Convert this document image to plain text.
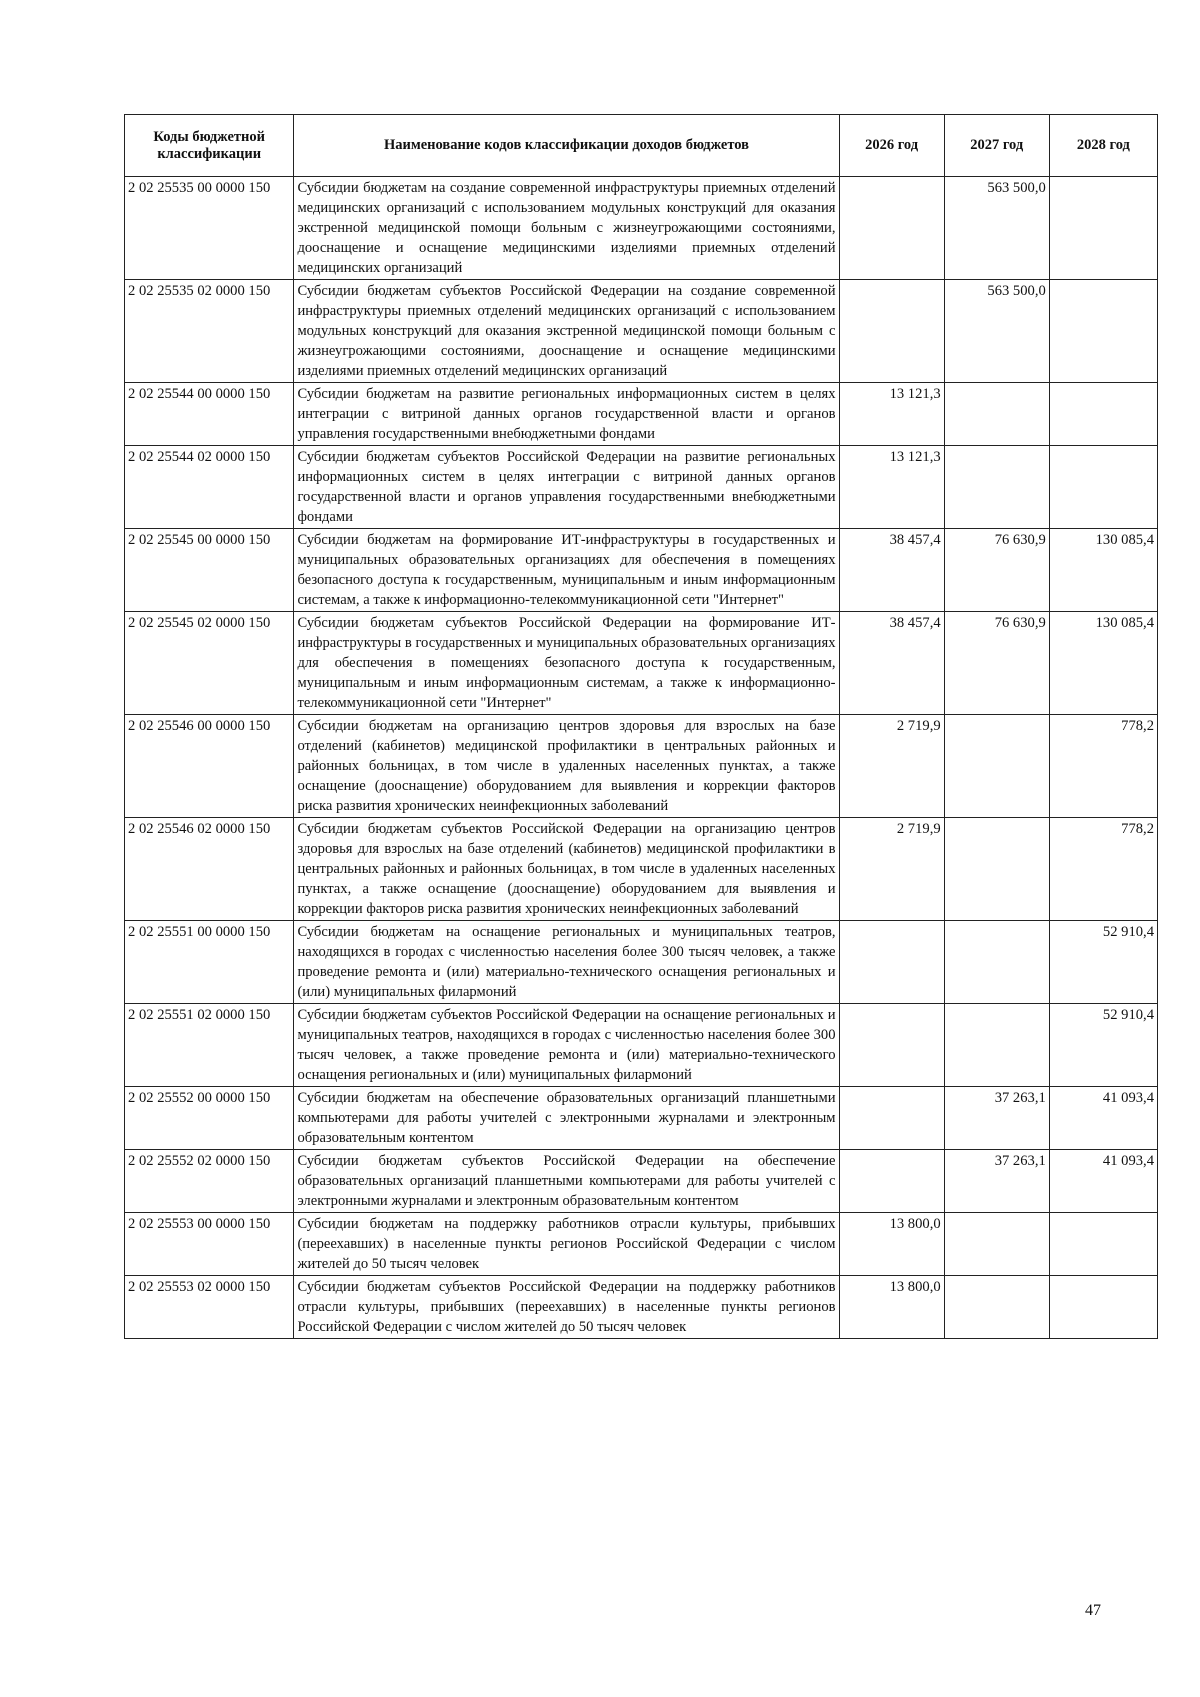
Коды бюджетной классификации	Наименование кодов классификации доходов бюджетов	2026 год	2027 год	2028 год
2 02 25535 00 0000 150	Субсидии бюджетам на создание современной инфраструктуры приемных отделений медицинских организаций с использованием модульных конструкций для оказания экстренной медицинской помощи больным с жизнеугрожающими состояниями, дооснащение и оснащение медицинскими изделиями приемных отделений медицинских организаций		563 500,0	
2 02 25535 02 0000 150	Субсидии бюджетам субъектов Российской Федерации на создание современной инфраструктуры приемных отделений медицинских организаций с использованием модульных конструкций для оказания экстренной медицинской помощи больным с жизнеугрожающими состояниями, дооснащение и оснащение медицинскими изделиями приемных отделений медицинских организаций		563 500,0	
2 02 25544 00 0000 150	Субсидии бюджетам на развитие региональных информационных систем в целях интеграции с витриной данных органов государственной власти и органов управления государственными внебюджетными фондами	13 121,3		
2 02 25544 02 0000 150	Субсидии бюджетам субъектов Российской Федерации на развитие региональных информационных систем в целях интеграции с витриной данных органов государственной власти и органов управления государственными внебюджетными фондами	13 121,3		
2 02 25545 00 0000 150	Субсидии бюджетам на формирование ИТ-инфраструктуры в государственных и муниципальных образовательных организациях для обеспечения в помещениях безопасного доступа к государственным, муниципальным и иным информационным системам, а также к информационно-телекоммуникационной сети "Интернет"	38 457,4	76 630,9	130 085,4
2 02 25545 02 0000 150	Субсидии бюджетам субъектов Российской Федерации на формирование ИТ-инфраструктуры в государственных и муниципальных образовательных организациях для обеспечения в помещениях безопасного доступа к государственным, муниципальным и иным информационным системам, а также к информационно-телекоммуникационной сети "Интернет"	38 457,4	76 630,9	130 085,4
2 02 25546 00 0000 150	Субсидии бюджетам на организацию центров здоровья для взрослых на базе отделений (кабинетов) медицинской профилактики в центральных районных и районных больницах, в том числе в удаленных населенных пунктах, а также оснащение (дооснащение) оборудованием для выявления и коррекции факторов риска развития хронических неинфекционных заболеваний	2 719,9		778,2
2 02 25546 02 0000 150	Субсидии бюджетам субъектов Российской Федерации на организацию центров здоровья для взрослых на базе отделений (кабинетов) медицинской профилактики в центральных районных и районных больницах, в том числе в удаленных населенных пунктах, а также оснащение (дооснащение) оборудованием для выявления и коррекции факторов риска развития хронических неинфекционных заболеваний	2 719,9		778,2
2 02 25551 00 0000 150	Субсидии бюджетам на оснащение региональных и муниципальных театров, находящихся в городах с численностью населения более 300 тысяч человек, а также проведение ремонта и (или) материально-технического оснащения региональных и (или) муниципальных филармоний			52 910,4
2 02 25551 02 0000 150	Субсидии бюджетам субъектов Российской Федерации на оснащение региональных и муниципальных театров, находящихся в городах с численностью населения более 300 тысяч человек, а также проведение ремонта и (или) материально-технического оснащения региональных и (или) муниципальных филармоний			52 910,4
2 02 25552 00 0000 150	Субсидии бюджетам на обеспечение образовательных организаций планшетными компьютерами для работы учителей с электронными журналами и электронным образовательным контентом		37 263,1	41 093,4
2 02 25552 02 0000 150	Субсидии бюджетам субъектов Российской Федерации на обеспечение образовательных организаций планшетными компьютерами для работы учителей с электронными журналами и электронным образовательным контентом		37 263,1	41 093,4
2 02 25553 00 0000 150	Субсидии бюджетам на поддержку работников отрасли культуры, прибывших (переехавших) в населенные пункты регионов Российской Федерации с числом жителей до 50 тысяч человек	13 800,0		
2 02 25553 02 0000 150	Субсидии бюджетам субъектов Российской Федерации на поддержку работников отрасли культуры, прибывших (переехавших) в населенные пункты регионов Российской Федерации с числом жителей до 50 тысяч человек	13 800,0		
47
